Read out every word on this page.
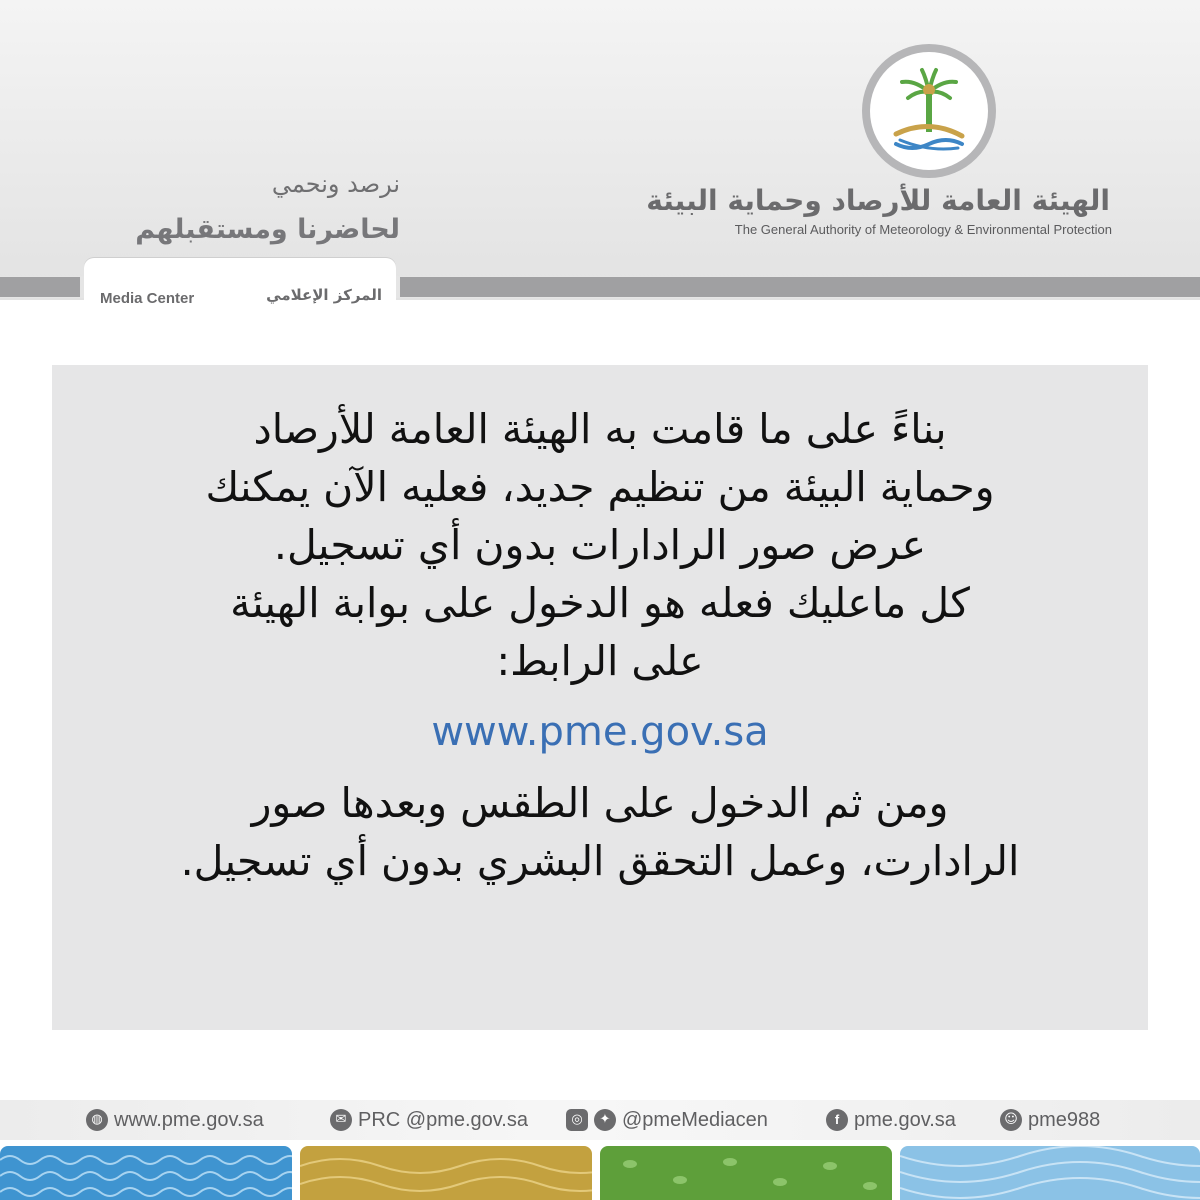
الهيئة العامة للأرصاد وحماية البيئة
The General Authority of Meteorology & Environmental Protection
نرصد ونحمي
لحاضرنا ومستقبلهم
Media Center	المركز الإعلامي
بناءً على ما قامت به الهيئة العامة للأرصاد
وحماية البيئة من تنظيم جديد، فعليه الآن يمكنك
عرض صور الرادارات بدون أي تسجيل.
كل ماعليك فعله هو الدخول على بوابة الهيئة
على الرابط:
www.pme.gov.sa
ومن ثم الدخول على الطقس وبعدها صور
الرادارت، وعمل التحقق البشري بدون أي تسجيل.
◍ www.pme.gov.sa	✉ PRC @pme.gov.sa	◎	✦ @pmeMediacen	f pme.gov.sa	☺ pme988
